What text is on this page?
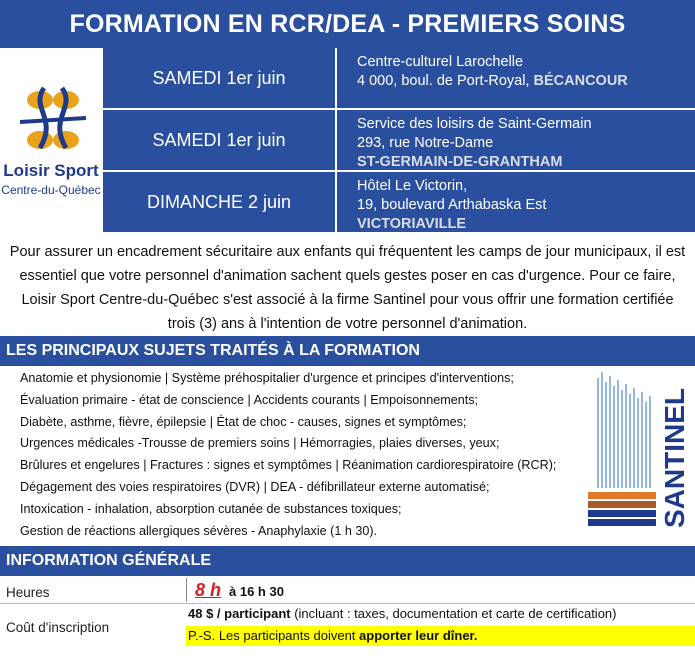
FORMATION EN RCR/DEA - PREMIERS SOINS
Loisir Sport
Centre-du-Québec
SAMEDI 1er juin
Centre-culturel Larochelle
4 000, boul. de Port-Royal, BÉCANCOUR
SAMEDI 1er juin
Service des loisirs de Saint-Germain
293, rue Notre-Dame
ST-GERMAIN-DE-GRANTHAM
DIMANCHE 2 juin
Hôtel Le Victorin,
19, boulevard Arthabaska Est
VICTORIAVILLE

Pour assurer un encadrement sécuritaire aux enfants qui fréquentent les camps de jour municipaux, il est essentiel que votre personnel d'animation sachent quels gestes poser en cas d'urgence. Pour ce faire, Loisir Sport Centre-du-Québec s'est associé à la firme Santinel pour vous offrir une formation certifiée trois (3) ans à l'intention de votre personnel d'animation.

LES PRINCIPAUX SUJETS TRAITÉS À LA FORMATION
Anatomie et physionomie | Système préhospitalier d'urgence et principes d'interventions;
Évaluation primaire - état de conscience | Accidents courants | Empoisonnements;
Diabète, asthme, fièvre, épilepsie | État de choc - causes, signes et symptômes;
Urgences médicales -Trousse de premiers soins | Hémorragies, plaies diverses, yeux;
Brûlures et engelures | Fractures : signes et symptômes | Réanimation cardiorespiratoire (RCR);
Dégagement des voies respiratoires (DVR) | DEA - défibrillateur externe automatisé;
Intoxication - inhalation, absorption cutanée de substances toxiques;
Gestion de réactions allergiques sévères - Anaphylaxie (1 h 30).
SANTINEL
INFORMATION GÉNÉRALE
Heures	8 h à 16 h 30
Coût d'inscription
48 $ / participant (incluant : taxes, documentation et carte de certification)
P.-S. Les participants doivent apporter leur dîner.
